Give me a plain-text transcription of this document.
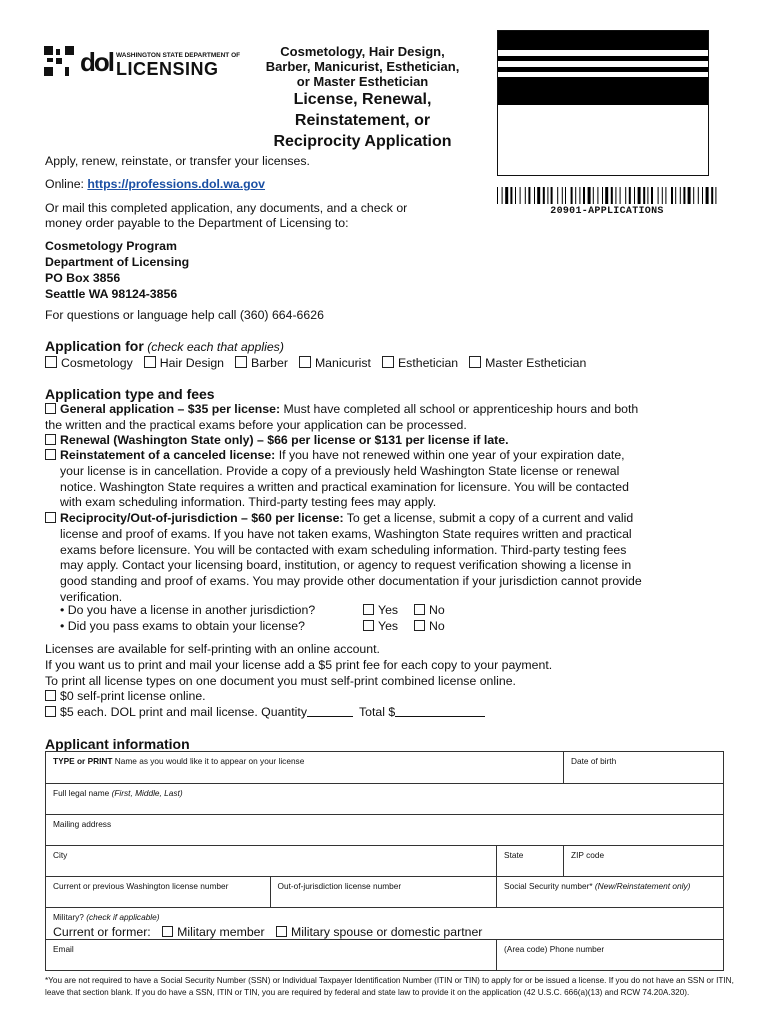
dol WASHINGTON STATE DEPARTMENT OF
LICENSING
Cosmetology, Hair Design,
Barber, Manicurist, Esthetician,
or Master Esthetician
License, Renewal,
Reinstatement, or
Reciprocity Application
20901-APPLICATIONS
Apply, renew, reinstate, or transfer your licenses.
Online: https://professions.dol.wa.gov
Or mail this completed application, any documents, and a check or
money order payable to the Department of Licensing to:
Cosmetology Program
Department of Licensing
PO Box 3856
Seattle WA 98124-3856
For questions or language help call (360) 664-6626
Application for (check each that applies)
Cosmetology Hair Design Barber Manicurist Esthetician Master Esthetician
Application type and fees
General application – $35 per license: Must have completed all school or apprenticeship hours and both
the written and the practical exams before your application can be processed.
Renewal (Washington State only) – $66 per license or $131 per license if late.
Reinstatement of a canceled license: If you have not renewed within one year of your expiration date,
your license is in cancellation. Provide a copy of a previously held Washington State license or renewal
notice. Washington State requires a written and practical examination for licensure. You will be contacted
with exam scheduling information. Third-party testing fees may apply.
Reciprocity/Out-of-jurisdiction – $60 per license: To get a license, submit a copy of a current and valid
license and proof of exams. If you have not taken exams, Washington State requires written and practical
exams before licensure. You will be contacted with exam scheduling information. Third-party testing fees
may apply. Contact your licensing board, institution, or agency to request verification showing a license in
good standing and proof of exams. You may provide other documentation if your jurisdiction cannot provide
verification.
• Do you have a license in another jurisdiction?	Yes	No
• Did you pass exams to obtain your license?	Yes	No
Licenses are available for self-printing with an online account.
If you want us to print and mail your license add a $5 print fee for each copy to your payment.
To print all license types on one document you must self-print combined license online.
$0 self-print license online.
$5 each. DOL print and mail license. Quantity	Total $
Applicant information
TYPE or PRINT Name as you would like it to appear on your license			Date of birth
Full legal name (First, Middle, Last)			
Mailing address			
City		State	ZIP code
Current or previous Washington license number	Out-of-jurisdiction license number	Social Security number* (New/Reinstatement only)	
Military? (check if applicable)
Current or former: Military member Military spouse or domestic partner			

Email		(Area code) Phone number	
*You are not required to have a Social Security Number (SSN) or Individual Taxpayer Identification Number (ITIN or TIN) to apply for or be issued a license. If you do not have an SSN or ITIN, leave that section blank. If you do have a SSN, ITIN or TIN, you are required by federal and state law to provide it on the application (42 U.S.C. 666(a)(13) and RCW 74.20A.320).
